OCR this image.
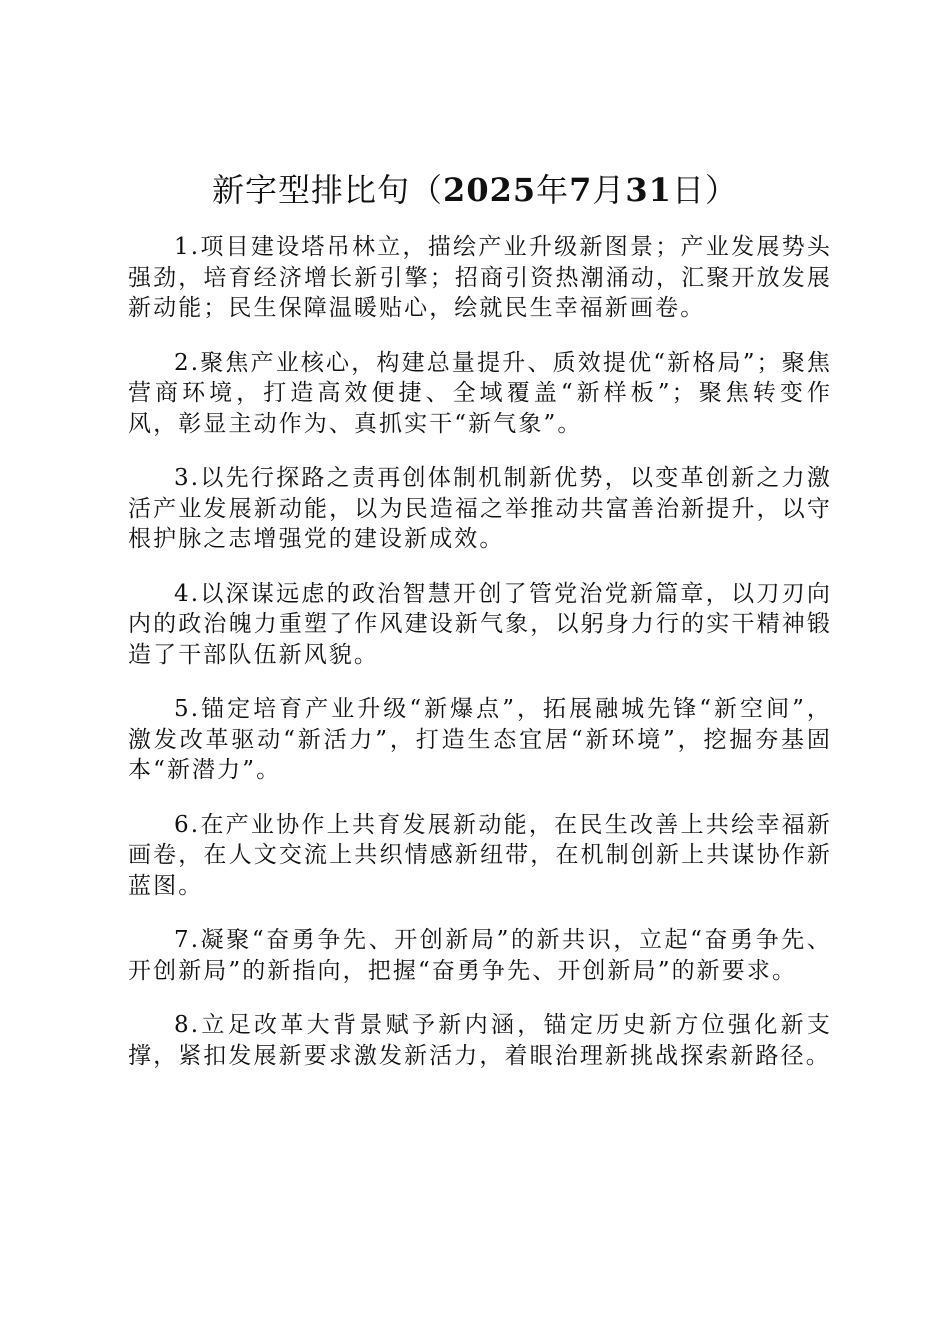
新字型排比句（2025年7月31日）

1.项目建设塔吊林立，描绘产业升级新图景；产业发展势头强劲，培育经济增长新引擎；招商引资热潮涌动，汇聚开放发展新动能；民生保障温暖贴心，绘就民生幸福新画卷。

2.聚焦产业核心，构建总量提升、质效提优“新格局”；聚焦营商环境，打造高效便捷、全域覆盖“新样板”；聚焦转变作风，彰显主动作为、真抓实干“新气象”。

3.以先行探路之责再创体制机制新优势，以变革创新之力激活产业发展新动能，以为民造福之举推动共富善治新提升，以守根护脉之志增强党的建设新成效。

4.以深谋远虑的政治智慧开创了管党治党新篇章，以刀刃向内的政治魄力重塑了作风建设新气象，以躬身力行的实干精神锻造了干部队伍新风貌。

5.锚定培育产业升级“新爆点”，拓展融城先锋“新空间”，激发改革驱动“新活力”，打造生态宜居“新环境”，挖掘夯基固本“新潜力”。

6.在产业协作上共育发展新动能，在民生改善上共绘幸福新画卷，在人文交流上共织情感新纽带，在机制创新上共谋协作新蓝图。

7.凝聚“奋勇争先、开创新局”的新共识，立起“奋勇争先、开创新局”的新指向，把握“奋勇争先、开创新局”的新要求。

8.立足改革大背景赋予新内涵，锚定历史新方位强化新支撑，紧扣发展新要求激发新活力，着眼治理新挑战探索新路径。
